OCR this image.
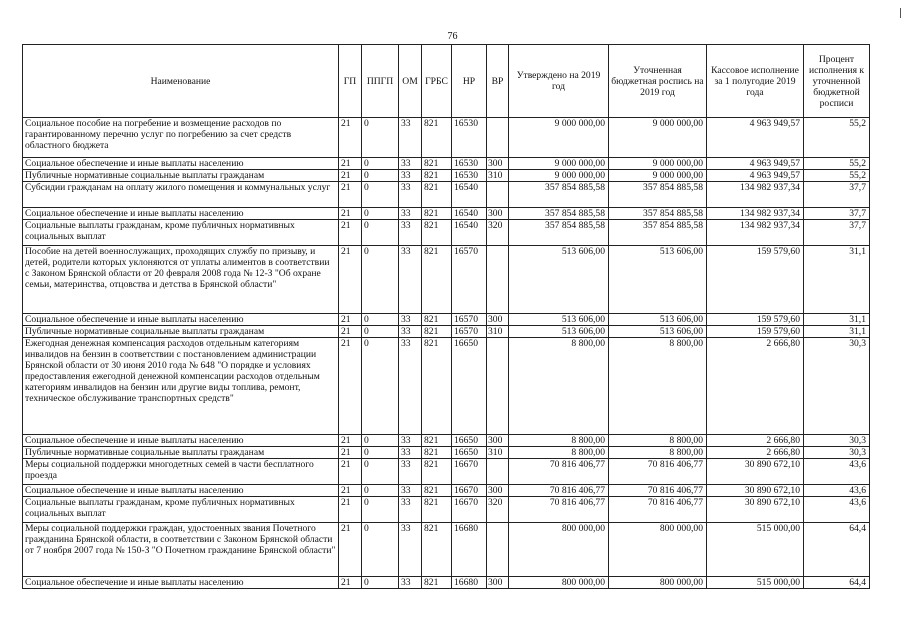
76
Наименование	ГП	ППГП	ОМ	ГРБС	НР	ВР	Утверждено на 2019 год	Уточненная бюджетная роспись на 2019 год	Кассовое исполнение за 1 полугодие 2019 года	Процент исполнения к уточненной бюджетной росписи
Социальное пособие на погребение и возмещение расходов по гарантированному перечню услуг по погребению за счет средств областного бюджета	21	0	33	821	16530		9 000 000,00	9 000 000,00	4 963 949,57	55,2
Социальное обеспечение и иные выплаты населению	21	0	33	821	16530	300	9 000 000,00	9 000 000,00	4 963 949,57	55,2
Публичные нормативные социальные выплаты гражданам	21	0	33	821	16530	310	9 000 000,00	9 000 000,00	4 963 949,57	55,2
Субсидии гражданам на оплату жилого помещения и коммунальных услуг	21	0	33	821	16540		357 854 885,58	357 854 885,58	134 982 937,34	37,7
Социальное обеспечение и иные выплаты населению	21	0	33	821	16540	300	357 854 885,58	357 854 885,58	134 982 937,34	37,7
Социальные выплаты гражданам, кроме публичных нормативных социальных выплат	21	0	33	821	16540	320	357 854 885,58	357 854 885,58	134 982 937,34	37,7
Пособие на детей военнослужащих, проходящих службу по призыву, и детей, родители которых уклоняются от уплаты алиментов в соответствии с Законом Брянской области от 20 февраля 2008 года № 12-З "Об охране семьи, материнства, отцовства и детства в Брянской области"	21	0	33	821	16570		513 606,00	513 606,00	159 579,60	31,1
Социальное обеспечение и иные выплаты населению	21	0	33	821	16570	300	513 606,00	513 606,00	159 579,60	31,1
Публичные нормативные социальные выплаты гражданам	21	0	33	821	16570	310	513 606,00	513 606,00	159 579,60	31,1
Ежегодная денежная компенсация расходов отдельным категориям инвалидов на бензин в соответствии с постановлением администрации Брянской области от 30 июня 2010 года № 648 "О порядке и условиях предоставления ежегодной денежной компенсации расходов отдельным категориям инвалидов на бензин или другие виды топлива, ремонт, техническое обслуживание транспортных средств"	21	0	33	821	16650		8 800,00	8 800,00	2 666,80	30,3
Социальное обеспечение и иные выплаты населению	21	0	33	821	16650	300	8 800,00	8 800,00	2 666,80	30,3
Публичные нормативные социальные выплаты гражданам	21	0	33	821	16650	310	8 800,00	8 800,00	2 666,80	30,3
Меры социальной поддержки многодетных семей в части бесплатного проезда	21	0	33	821	16670		70 816 406,77	70 816 406,77	30 890 672,10	43,6
Социальное обеспечение и иные выплаты населению	21	0	33	821	16670	300	70 816 406,77	70 816 406,77	30 890 672,10	43,6
Социальные выплаты гражданам, кроме публичных нормативных социальных выплат	21	0	33	821	16670	320	70 816 406,77	70 816 406,77	30 890 672,10	43,6
Меры социальной поддержки граждан, удостоенных звания Почетного гражданина Брянской области, в соответствии с Законом Брянской области от 7 ноября 2007 года № 150-З "О Почетном гражданине Брянской области"	21	0	33	821	16680		800 000,00	800 000,00	515 000,00	64,4
Социальное обеспечение и иные выплаты населению	21	0	33	821	16680	300	800 000,00	800 000,00	515 000,00	64,4
